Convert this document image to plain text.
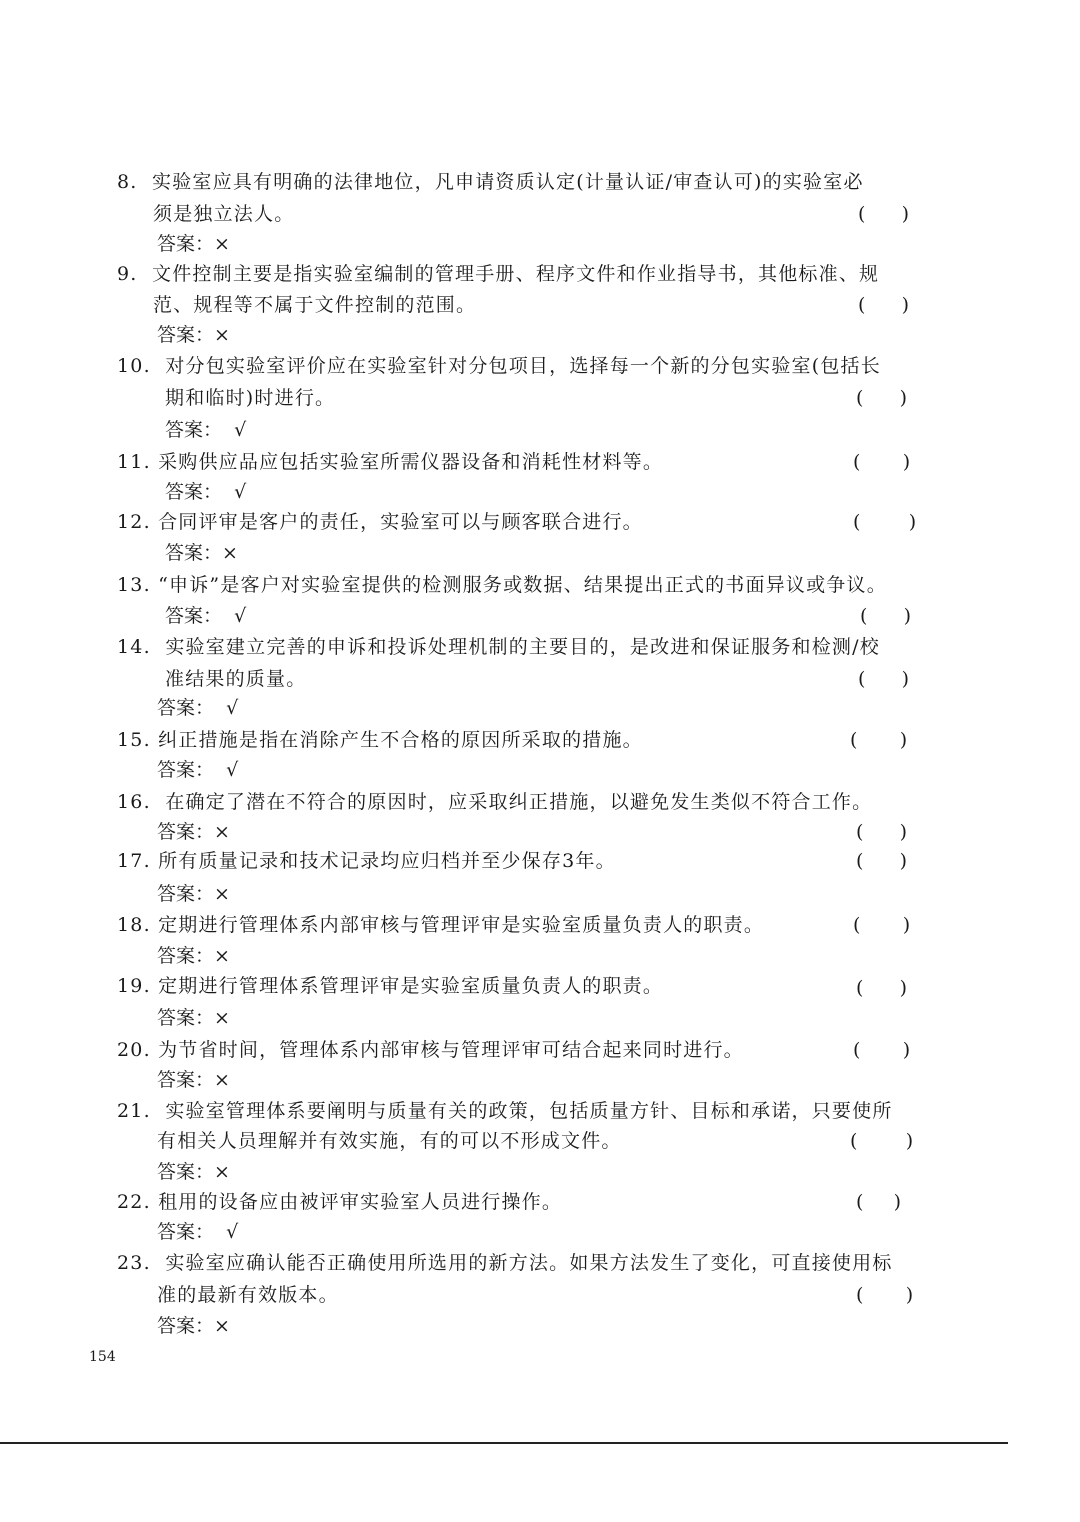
8. 实验室应具有明确的法律地位，凡申请资质认定(计量认证/审查认可)的实验室必
须是独立法人。	(      )
答案：×
9. 文件控制主要是指实验室编制的管理手册、程序文件和作业指导书，其他标准、规
范、规程等不属于文件控制的范围。	(      )
答案：×
10. 对分包实验室评价应在实验室针对分包项目，选择每一个新的分包实验室(包括长
期和临时)时进行。	(      )
答案：  √
11. 采购供应品应包括实验室所需仪器设备和消耗性材料等。	(       )
答案：  √
12. 合同评审是客户的责任，实验室可以与顾客联合进行。	(        )
答案：×
13. “申诉”是客户对实验室提供的检测服务或数据、结果提出正式的书面异议或争议。
答案：  √	(      )
14. 实验室建立完善的申诉和投诉处理机制的主要目的，是改进和保证服务和检测/校
准结果的质量。	(      )
答案：  √
15. 纠正措施是指在消除产生不合格的原因所采取的措施。	(       )
答案：  √
16. 在确定了潜在不符合的原因时，应采取纠正措施，以避免发生类似不符合工作。
答案：×	(      )
17. 所有质量记录和技术记录均应归档并至少保存3年。	(      )
答案：×
18. 定期进行管理体系内部审核与管理评审是实验室质量负责人的职责。	(       )
答案：×
19. 定期进行管理体系管理评审是实验室质量负责人的职责。	(      )
答案：×
20. 为节省时间，管理体系内部审核与管理评审可结合起来同时进行。	(       )
答案：×
21. 实验室管理体系要阐明与质量有关的政策，包括质量方针、目标和承诺，只要使所
有相关人员理解并有效实施，有的可以不形成文件。	(        )
答案：×
22. 租用的设备应由被评审实验室人员进行操作。	(     )
答案：  √
23. 实验室应确认能否正确使用所选用的新方法。如果方法发生了变化，可直接使用标
准的最新有效版本。	(       )
答案：×
154
